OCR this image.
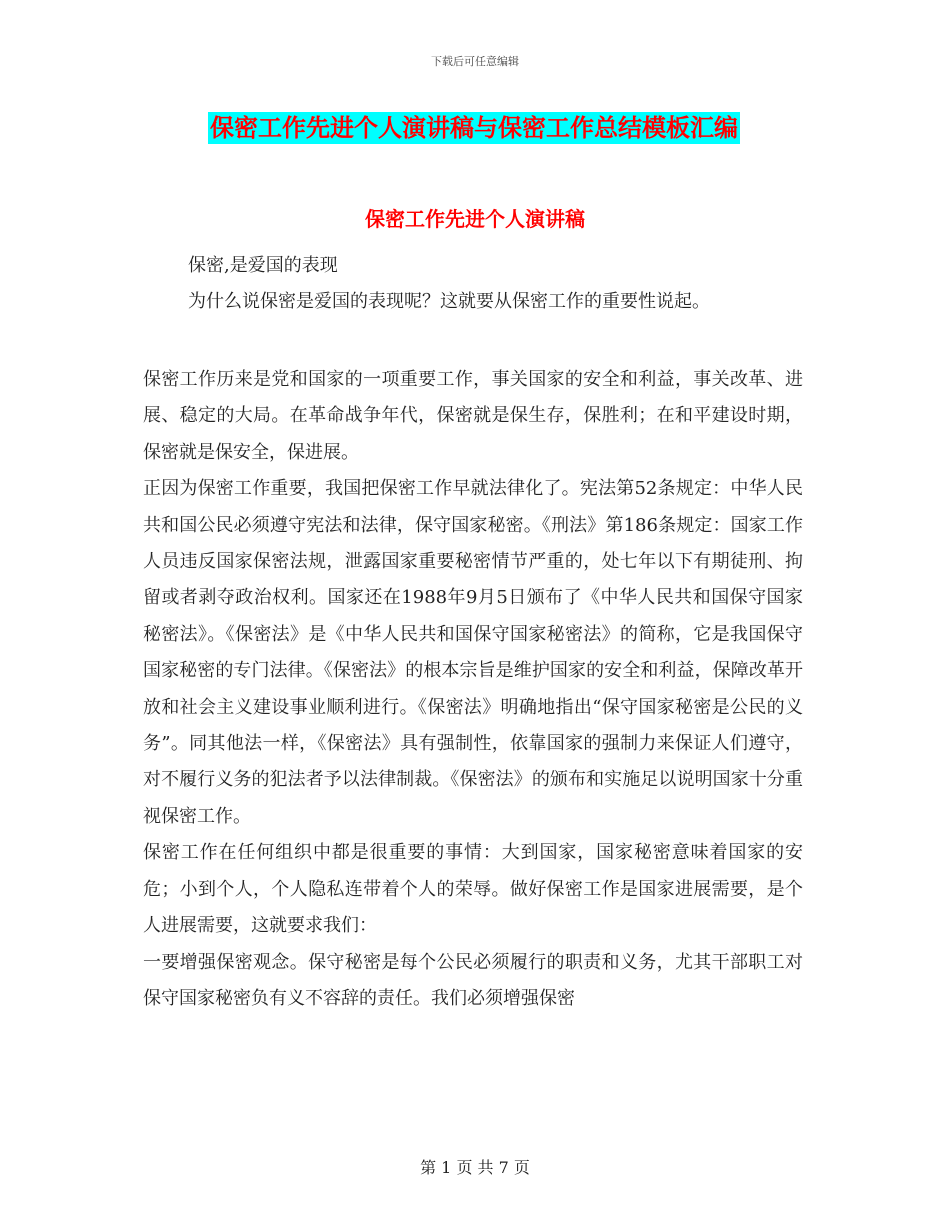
下载后可任意编辑
保密工作先进个人演讲稿与保密工作总结模板汇编
保密工作先进个人演讲稿
保密,是爱国的表现
为什么说保密是爱国的表现呢？这就要从保密工作的重要性说起。

保密工作历来是党和国家的一项重要工作，事关国家的安全和利益，事关改革、进展、稳定的大局。在革命战争年代，保密就是保生存，保胜利；在和平建设时期，保密就是保安全，保进展。

正因为保密工作重要，我国把保密工作早就法律化了。宪法第52条规定：中华人民共和国公民必须遵守宪法和法律，保守国家秘密。《刑法》第186条规定：国家工作人员违反国家保密法规，泄露国家重要秘密情节严重的，处七年以下有期徒刑、拘留或者剥夺政治权利。国家还在1988年9月5日颁布了《中华人民共和国保守国家秘密法》。《保密法》是《中华人民共和国保守国家秘密法》的简称，它是我国保守国家秘密的专门法律。《保密法》的根本宗旨是维护国家的安全和利益，保障改革开放和社会主义建设事业顺利进行。《保密法》明确地指出“保守国家秘密是公民的义务”。同其他法一样，《保密法》具有强制性，依靠国家的强制力来保证人们遵守，对不履行义务的犯法者予以法律制裁。《保密法》的颁布和实施足以说明国家十分重视保密工作。

保密工作在任何组织中都是很重要的事情：大到国家，国家秘密意味着国家的安危；小到个人，个人隐私连带着个人的荣辱。做好保密工作是国家进展需要，是个人进展需要，这就要求我们：

一要增强保密观念。保守秘密是每个公民必须履行的职责和义务，尤其干部职工对保守国家秘密负有义不容辞的责任。我们必须增强保密

第 1 页 共 7 页
